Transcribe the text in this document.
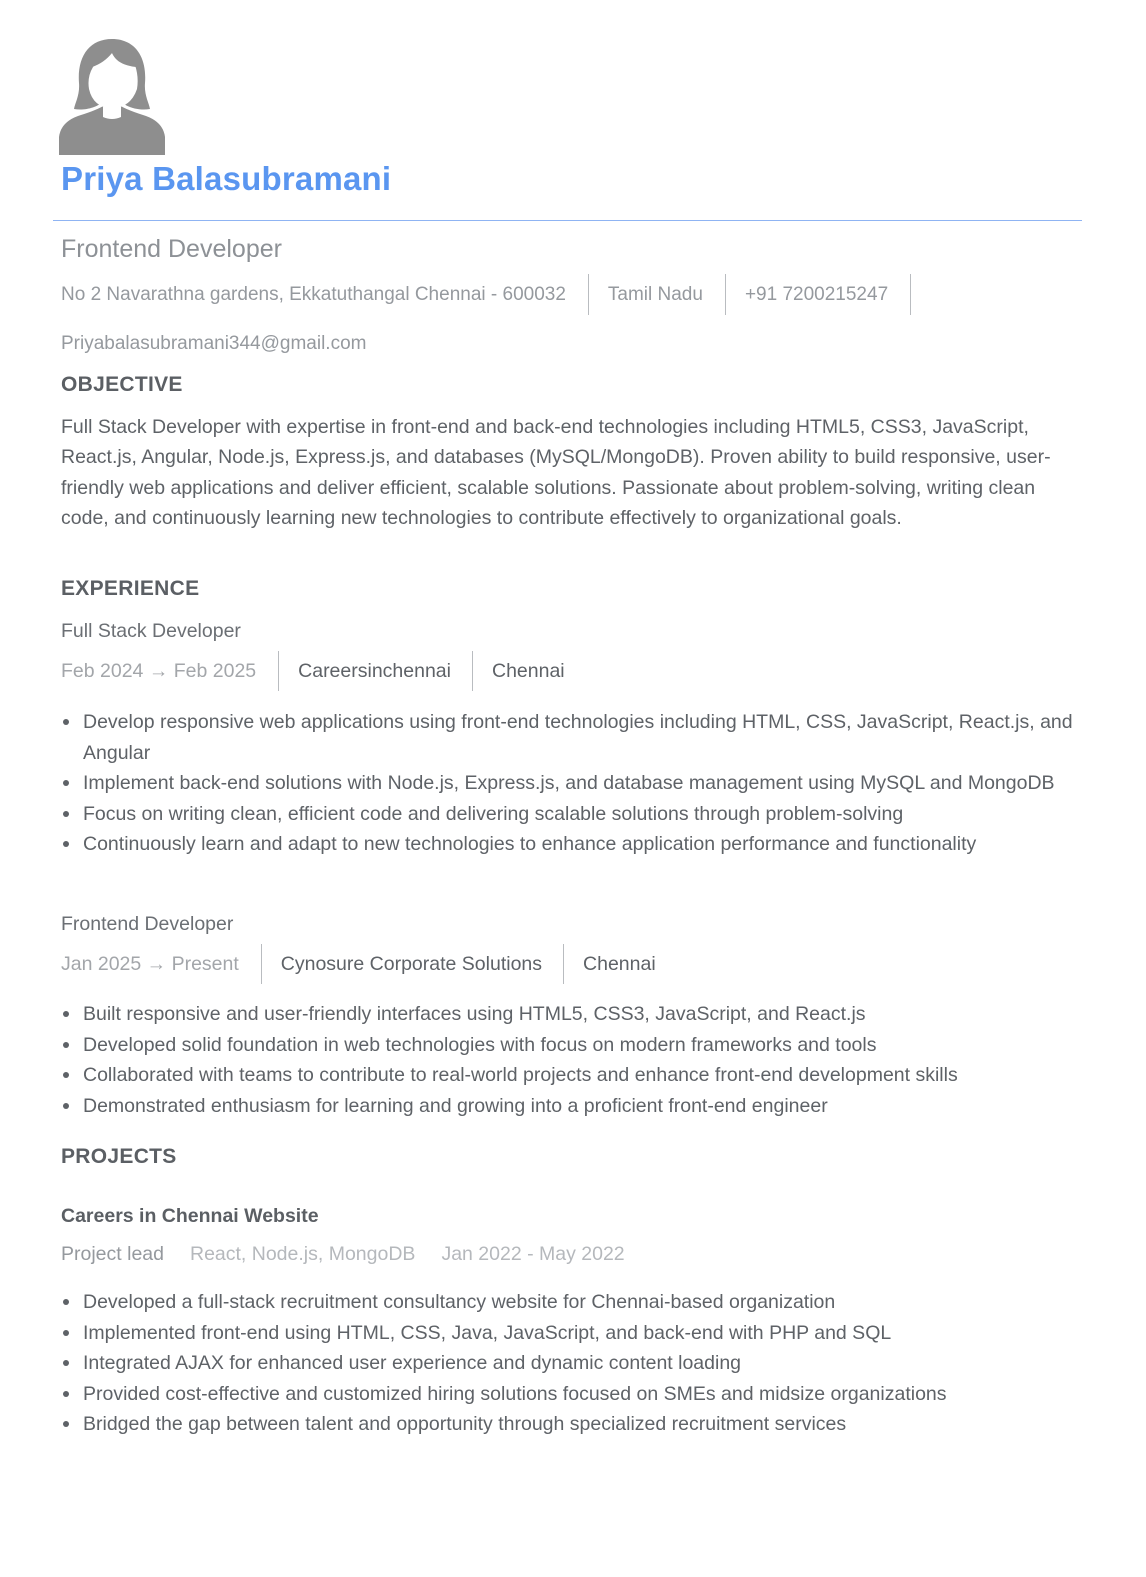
Priya Balasubramani
Frontend Developer
No 2 Navarathna gardens, Ekkatuthangal Chennai - 600032	Tamil Nadu	+91 7200215247
Priyabalasubramani344@gmail.com
OBJECTIVE
Full Stack Developer with expertise in front-end and back-end technologies including HTML5, CSS3, JavaScript, React.js, Angular, Node.js, Express.js, and databases (MySQL/MongoDB). Proven ability to build responsive, user-friendly web applications and deliver efficient, scalable solutions. Passionate about problem-solving, writing clean code, and continuously learning new technologies to contribute effectively to organizational goals.
EXPERIENCE
Full Stack Developer
Feb 2024 → Feb 2025	Careersinchennai	Chennai
Develop responsive web applications using front-end technologies including HTML, CSS, JavaScript, React.js, and Angular
Implement back-end solutions with Node.js, Express.js, and database management using MySQL and MongoDB
Focus on writing clean, efficient code and delivering scalable solutions through problem-solving
Continuously learn and adapt to new technologies to enhance application performance and functionality
Frontend Developer
Jan 2025 → Present	Cynosure Corporate Solutions	Chennai
Built responsive and user-friendly interfaces using HTML5, CSS3, JavaScript, and React.js
Developed solid foundation in web technologies with focus on modern frameworks and tools
Collaborated with teams to contribute to real-world projects and enhance front-end development skills
Demonstrated enthusiasm for learning and growing into a proficient front-end engineer
PROJECTS
Careers in Chennai Website
Project lead React, Node.js, MongoDB Jan 2022 - May 2022
Developed a full-stack recruitment consultancy website for Chennai-based organization
Implemented front-end using HTML, CSS, Java, JavaScript, and back-end with PHP and SQL
Integrated AJAX for enhanced user experience and dynamic content loading
Provided cost-effective and customized hiring solutions focused on SMEs and midsize organizations
Bridged the gap between talent and opportunity through specialized recruitment services
